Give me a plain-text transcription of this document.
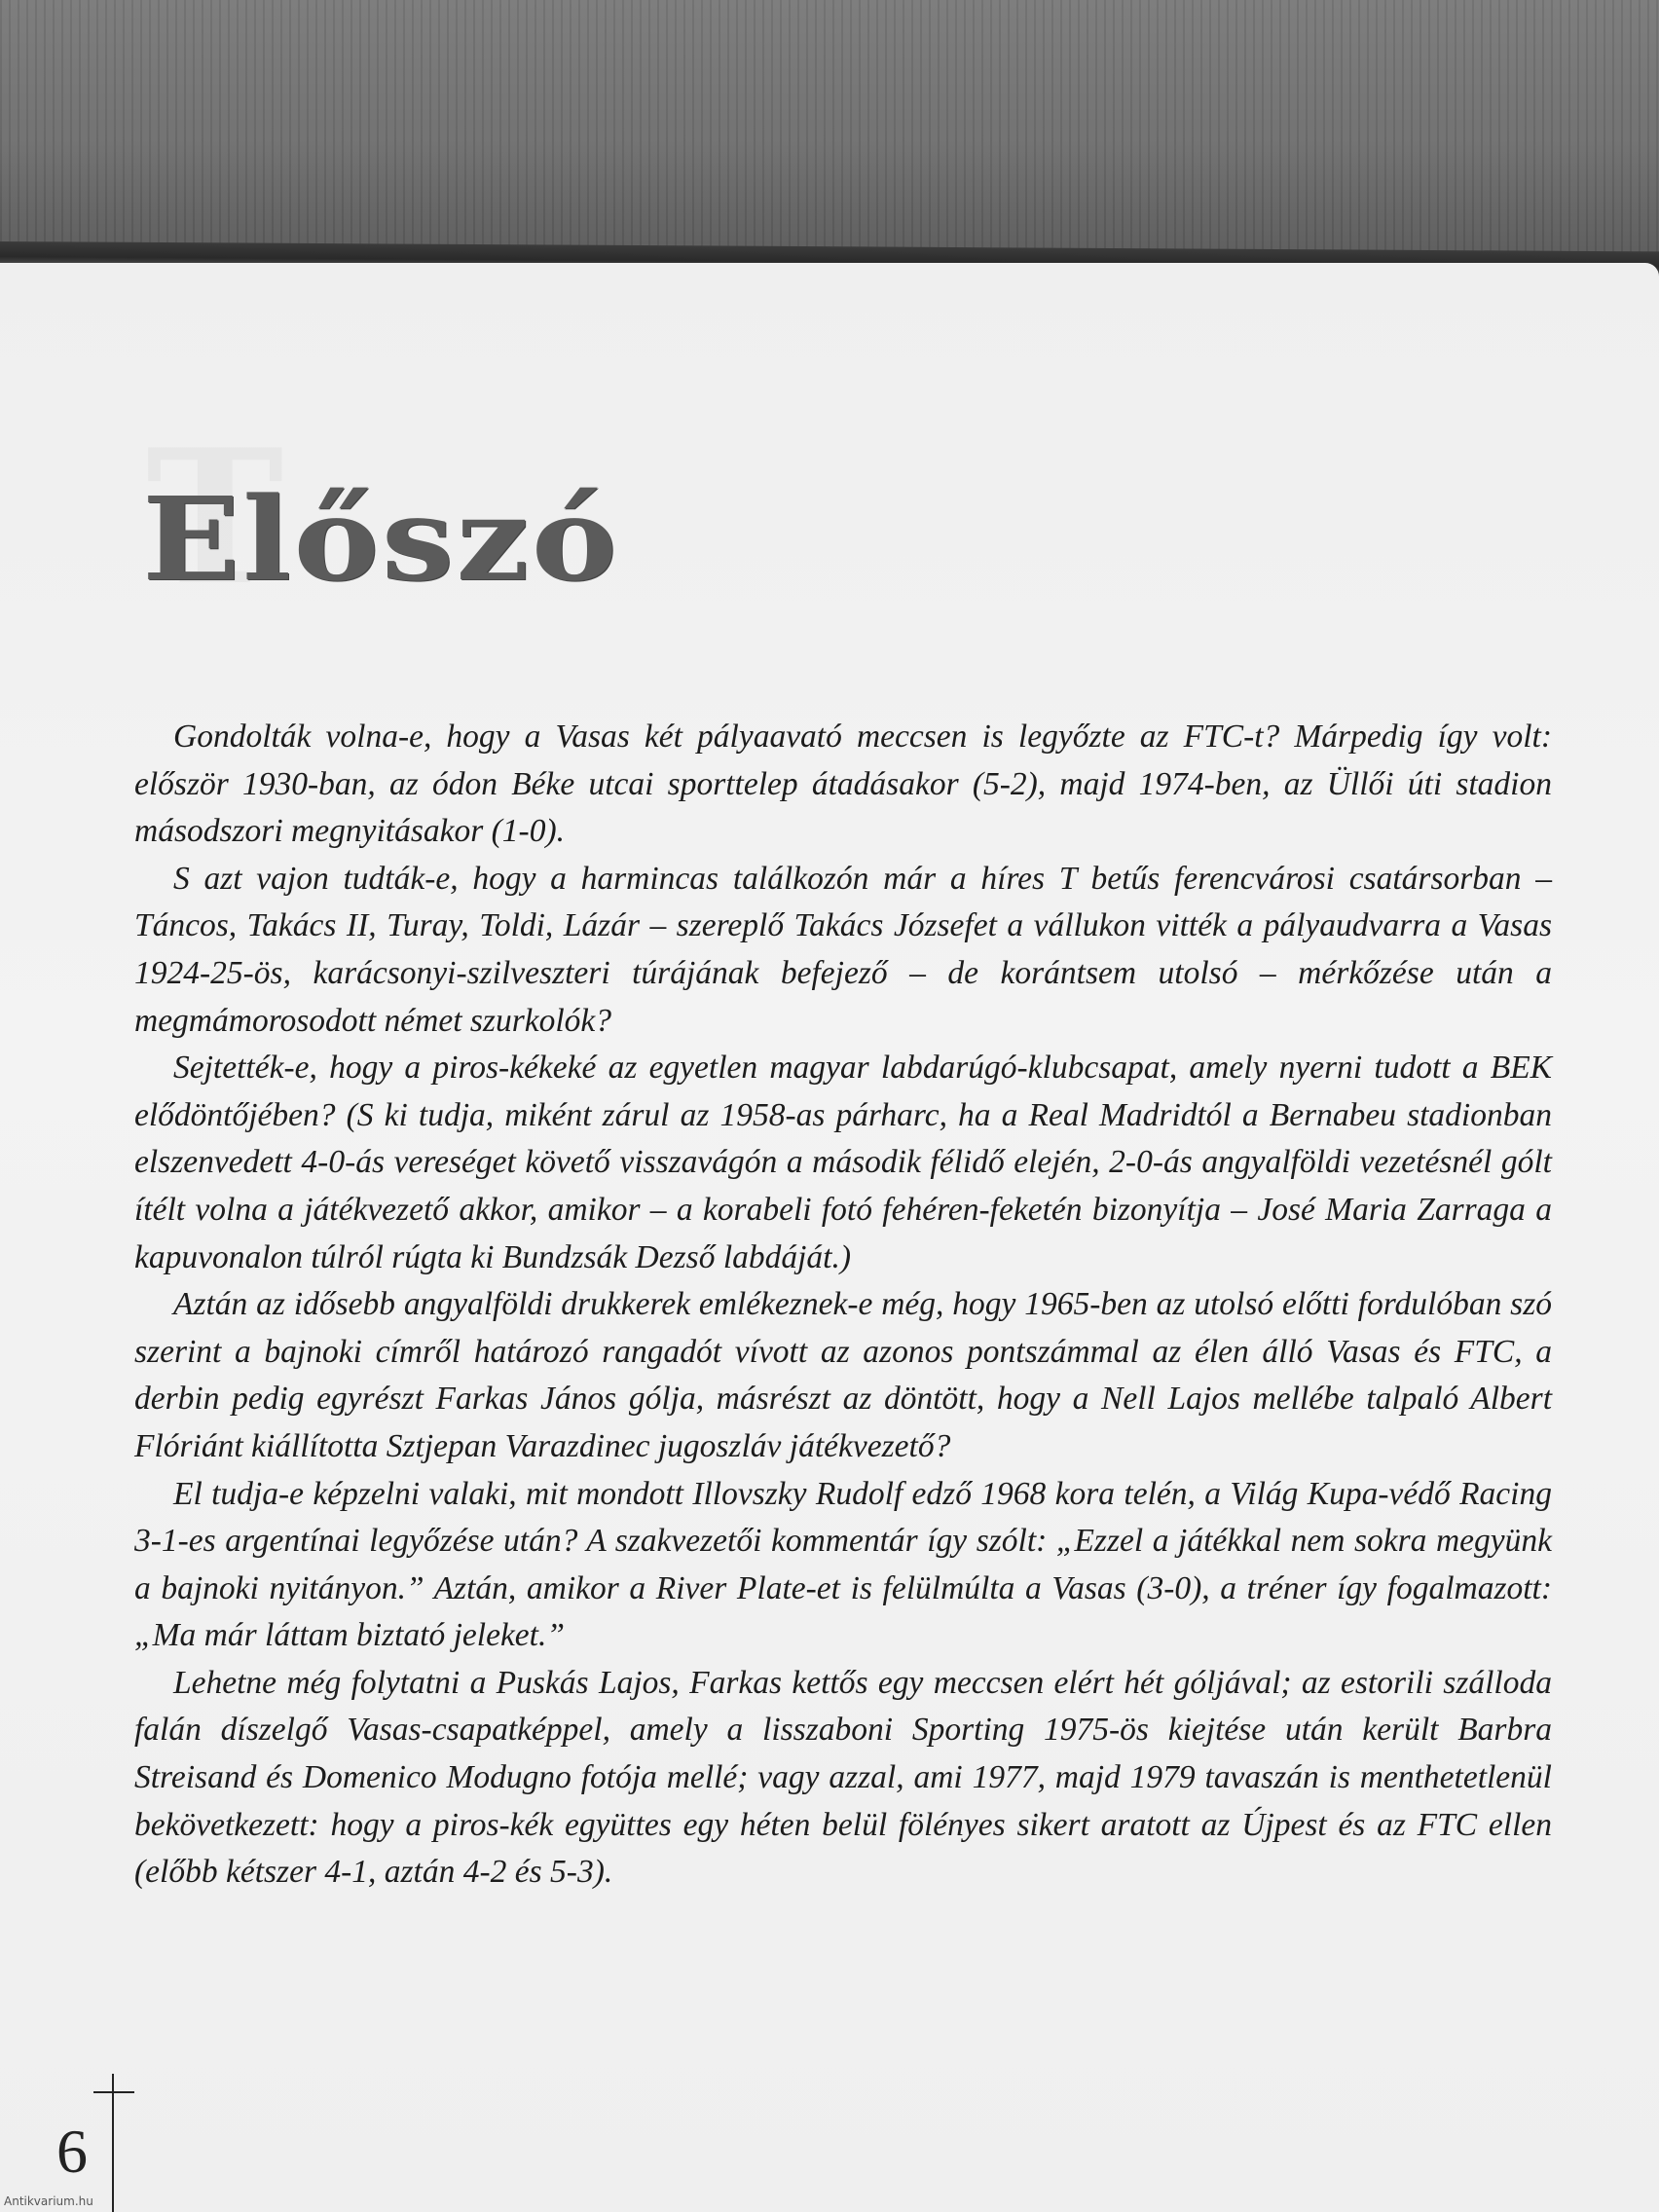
Előszó

Gondolták volna-e, hogy a Vasas két pályaavató meccsen is legyőzte az FTC-t? Márpedig így volt: először 1930-ban, az ódon Béke utcai sporttelep átadásakor (5-2), majd 1974-ben, az Üllői úti stadion másodszori megnyitásakor (1-0).

S azt vajon tudták-e, hogy a harmincas találkozón már a híres T betűs ferencvárosi csatársorban – Táncos, Takács II, Turay, Toldi, Lázár – szereplő Takács Józsefet a vállukon vitték a pályaudvarra a Vasas 1924-25-ös, karácsonyi-szilveszteri túrájának befejező – de korántsem utolsó – mérkőzése után a megmámorosodott német szurkolók?

Sejtették-e, hogy a piros-kékeké az egyetlen magyar labdarúgó-klubcsapat, amely nyerni tudott a BEK elődöntőjében? (S ki tudja, miként zárul az 1958-as párharc, ha a Real Madridtól a Bernabeu stadionban elszenvedett 4-0-ás vereséget követő visszavágón a második félidő elején, 2-0-ás angyalföldi vezetésnél gólt ítélt volna a játékvezető akkor, amikor – a korabeli fotó fehéren-feketén bizonyítja – José Maria Zarraga a kapuvonalon túlról rúgta ki Bundzsák Dezső labdáját.)

Aztán az idősebb angyalföldi drukkerek emlékeznek-e még, hogy 1965-ben az utolsó előtti fordulóban szó szerint a bajnoki címről határozó rangadót vívott az azonos pontszámmal az élen álló Vasas és FTC, a derbin pedig egyrészt Farkas János gólja, másrészt az döntött, hogy a Nell Lajos mellébe talpaló Albert Flóriánt kiállította Sztjepan Varazdinec jugoszláv játékvezető?

El tudja-e képzelni valaki, mit mondott Illovszky Rudolf edző 1968 kora telén, a Világ Kupa-védő Racing 3-1-es argentínai legyőzése után? A szakvezetői kommentár így szólt: „Ezzel a játékkal nem sokra megyünk a bajnoki nyitányon.” Aztán, amikor a River Plate-et is felülmúlta a Vasas (3-0), a tréner így fogalmazott: „Ma már láttam biztató jeleket.”

Lehetne még folytatni a Puskás Lajos, Farkas kettős egy meccsen elért hét góljával; az estorili szálloda falán díszelgő Vasas-csapatképpel, amely a lisszaboni Sporting 1975-ös kiejtése után került Barbra Streisand és Domenico Modugno fotója mellé; vagy azzal, ami 1977, majd 1979 tavaszán is menthetetlenül bekövetkezett: hogy a piros-kék együttes egy héten belül fölényes sikert aratott az Újpest és az FTC ellen (előbb kétszer 4-1, aztán 4-2 és 5-3).

6
Antikvarium.hu
